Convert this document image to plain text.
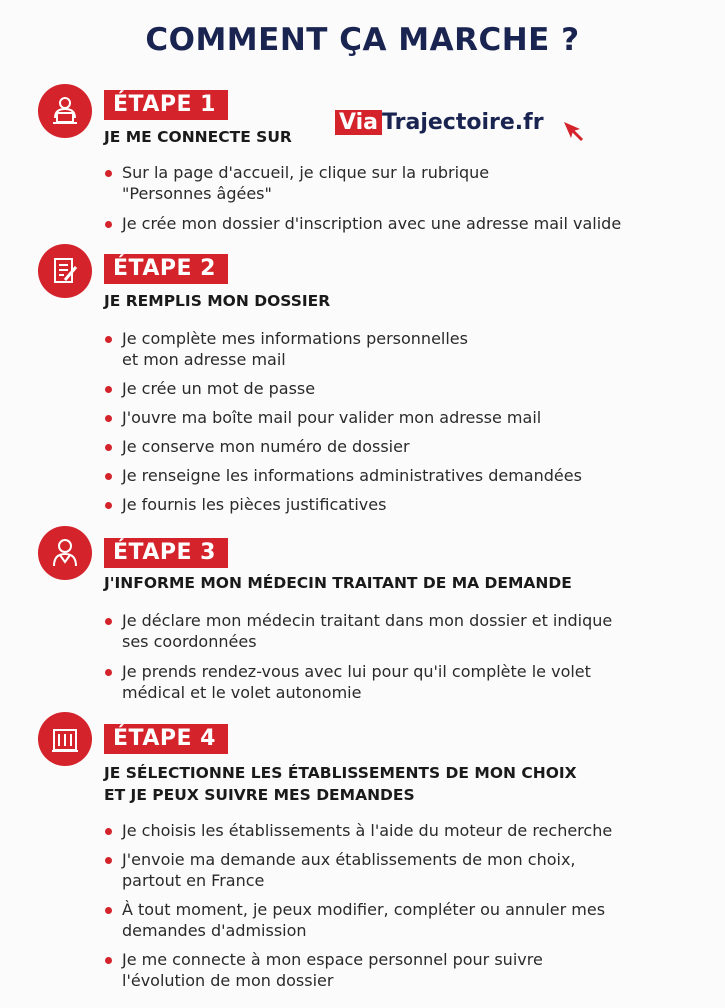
COMMENT ÇA MARCHE ?
ÉTAPE 1
JE ME CONNECTE SUR
Via Trajectoire.fr
Sur la page d'accueil, je clique sur la rubrique
"Personnes âgées"
Je crée mon dossier d'inscription avec une adresse mail valide
ÉTAPE 2
JE REMPLIS MON DOSSIER
Je complète mes informations personnelles
et mon adresse mail
Je crée un mot de passe
J'ouvre ma boîte mail pour valider mon adresse mail
Je conserve mon numéro de dossier
Je renseigne les informations administratives demandées
Je fournis les pièces justificatives
ÉTAPE 3
J'INFORME MON MÉDECIN TRAITANT DE MA DEMANDE
Je déclare mon médecin traitant dans mon dossier et indique
ses coordonnées
Je prends rendez-vous avec lui pour qu'il complète le volet
médical et le volet autonomie
ÉTAPE 4
JE SÉLECTIONNE LES ÉTABLISSEMENTS DE MON CHOIX
ET JE PEUX SUIVRE MES DEMANDES
Je choisis les établissements à l'aide du moteur de recherche
J'envoie ma demande aux établissements de mon choix,
partout en France
À tout moment, je peux modifier, compléter ou annuler mes
demandes d'admission
Je me connecte à mon espace personnel pour suivre
l'évolution de mon dossier
